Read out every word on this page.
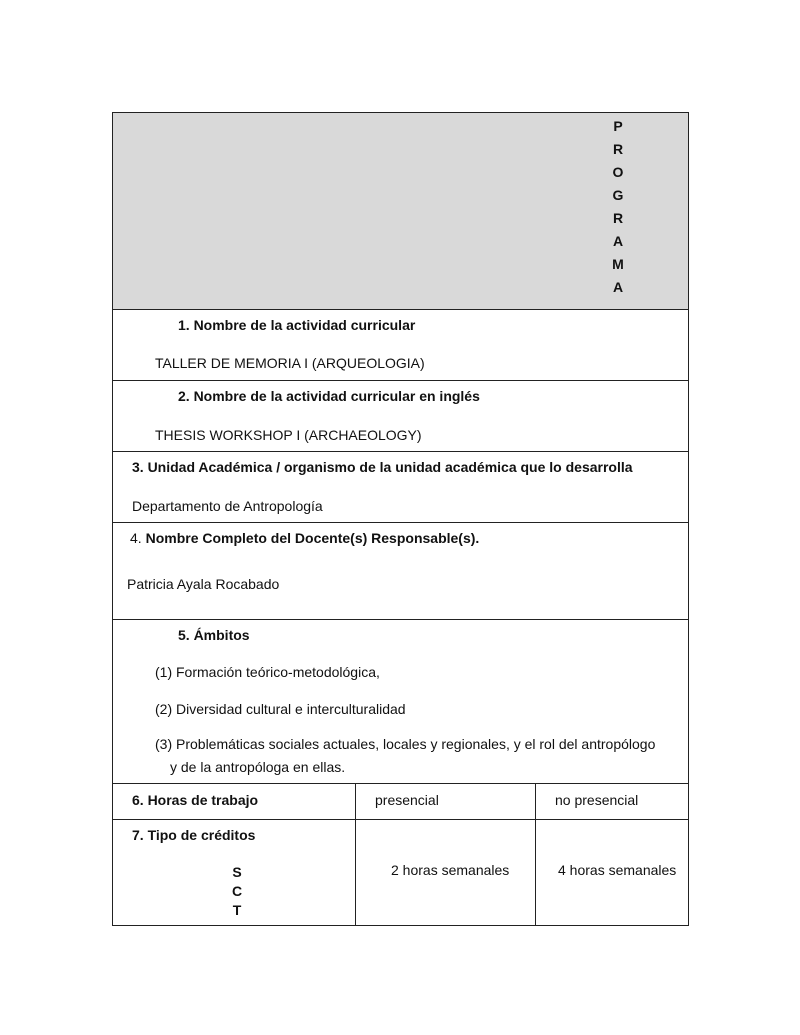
P
R
O
G
R
A
M
A
1. Nombre de la actividad curricular
TALLER DE MEMORIA I (ARQUEOLOGIA)
2. Nombre de la actividad curricular en inglés
THESIS WORKSHOP I (ARCHAEOLOGY)
3. Unidad Académica / organismo de la unidad académica que lo desarrolla
Departamento de Antropología
4. Nombre Completo del Docente(s) Responsable(s).
Patricia Ayala Rocabado
5. Ámbitos
(1) Formación teórico-metodológica,
(2) Diversidad cultural e interculturalidad
(3) Problemáticas sociales actuales, locales y regionales, y el rol del antropólogo
y de la antropóloga en ellas.
6. Horas de trabajo	presencial	no presencial
7. Tipo de créditos
S
C
T
2 horas semanales	4 horas semanales
